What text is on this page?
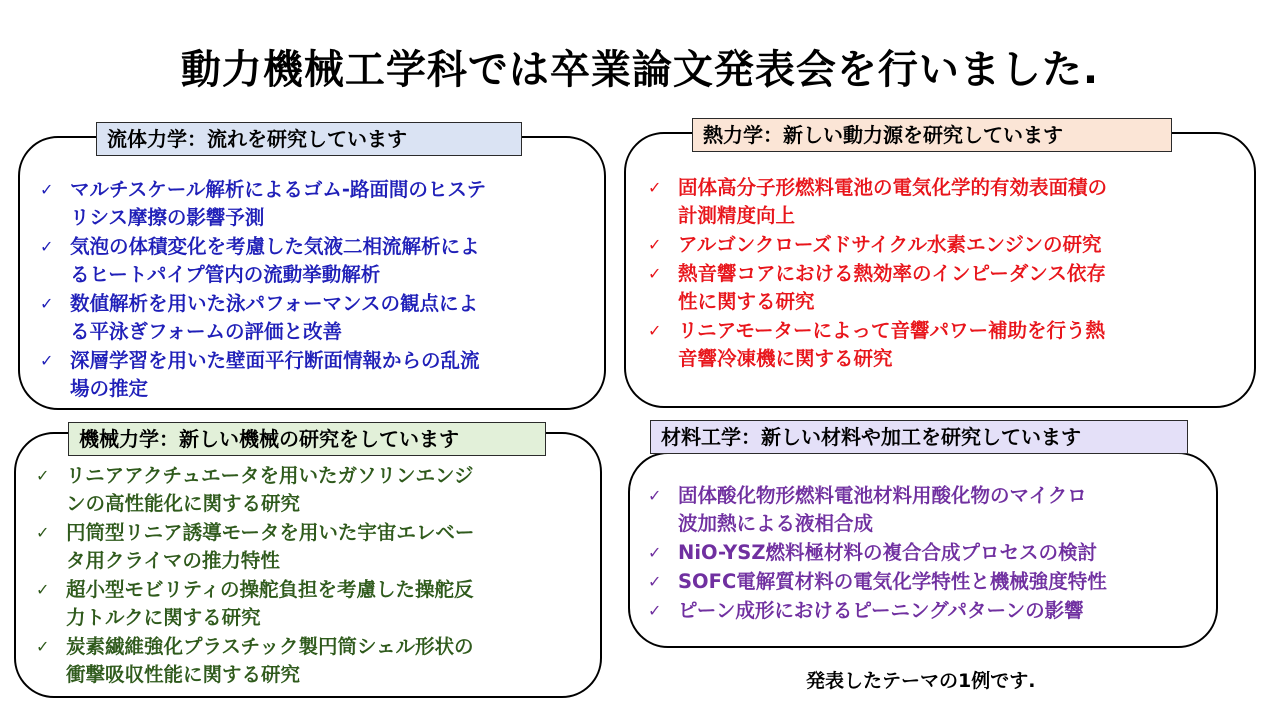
動力機械工学科では卒業論文発表会を行いました.
流体力学：流れを研究しています
✓ マルチスケール解析によるゴム-路面間のヒステ
リシス摩擦の影響予測
✓ 気泡の体積変化を考慮した気液二相流解析によ
るヒートパイプ管内の流動挙動解析
✓ 数値解析を用いた泳パフォーマンスの観点によ
る平泳ぎフォームの評価と改善
✓ 深層学習を用いた壁面平行断面情報からの乱流
場の推定
熱力学：新しい動力源を研究しています
✓ 固体高分子形燃料電池の電気化学的有効表面積の
計測精度向上
✓ アルゴンクローズドサイクル水素エンジンの研究
✓ 熱音響コアにおける熱効率のインピーダンス依存
性に関する研究
✓ リニアモーターによって音響パワー補助を行う熱
音響冷凍機に関する研究
機械力学：新しい機械の研究をしています
✓ リニアアクチュエータを用いたガソリンエンジ
ンの高性能化に関する研究
✓ 円筒型リニア誘導モータを用いた宇宙エレベー
タ用クライマの推力特性
✓ 超小型モビリティの操舵負担を考慮した操舵反
力トルクに関する研究
✓ 炭素繊維強化プラスチック製円筒シェル形状の
衝撃吸収性能に関する研究
材料工学：新しい材料や加工を研究しています
✓ 固体酸化物形燃料電池材料用酸化物のマイクロ
波加熱による液相合成
✓ NiO-YSZ燃料極材料の複合合成プロセスの検討
✓ SOFC電解質材料の電気化学特性と機械強度特性
✓ ピーン成形におけるピーニングパターンの影響
発表したテーマの1例です.
